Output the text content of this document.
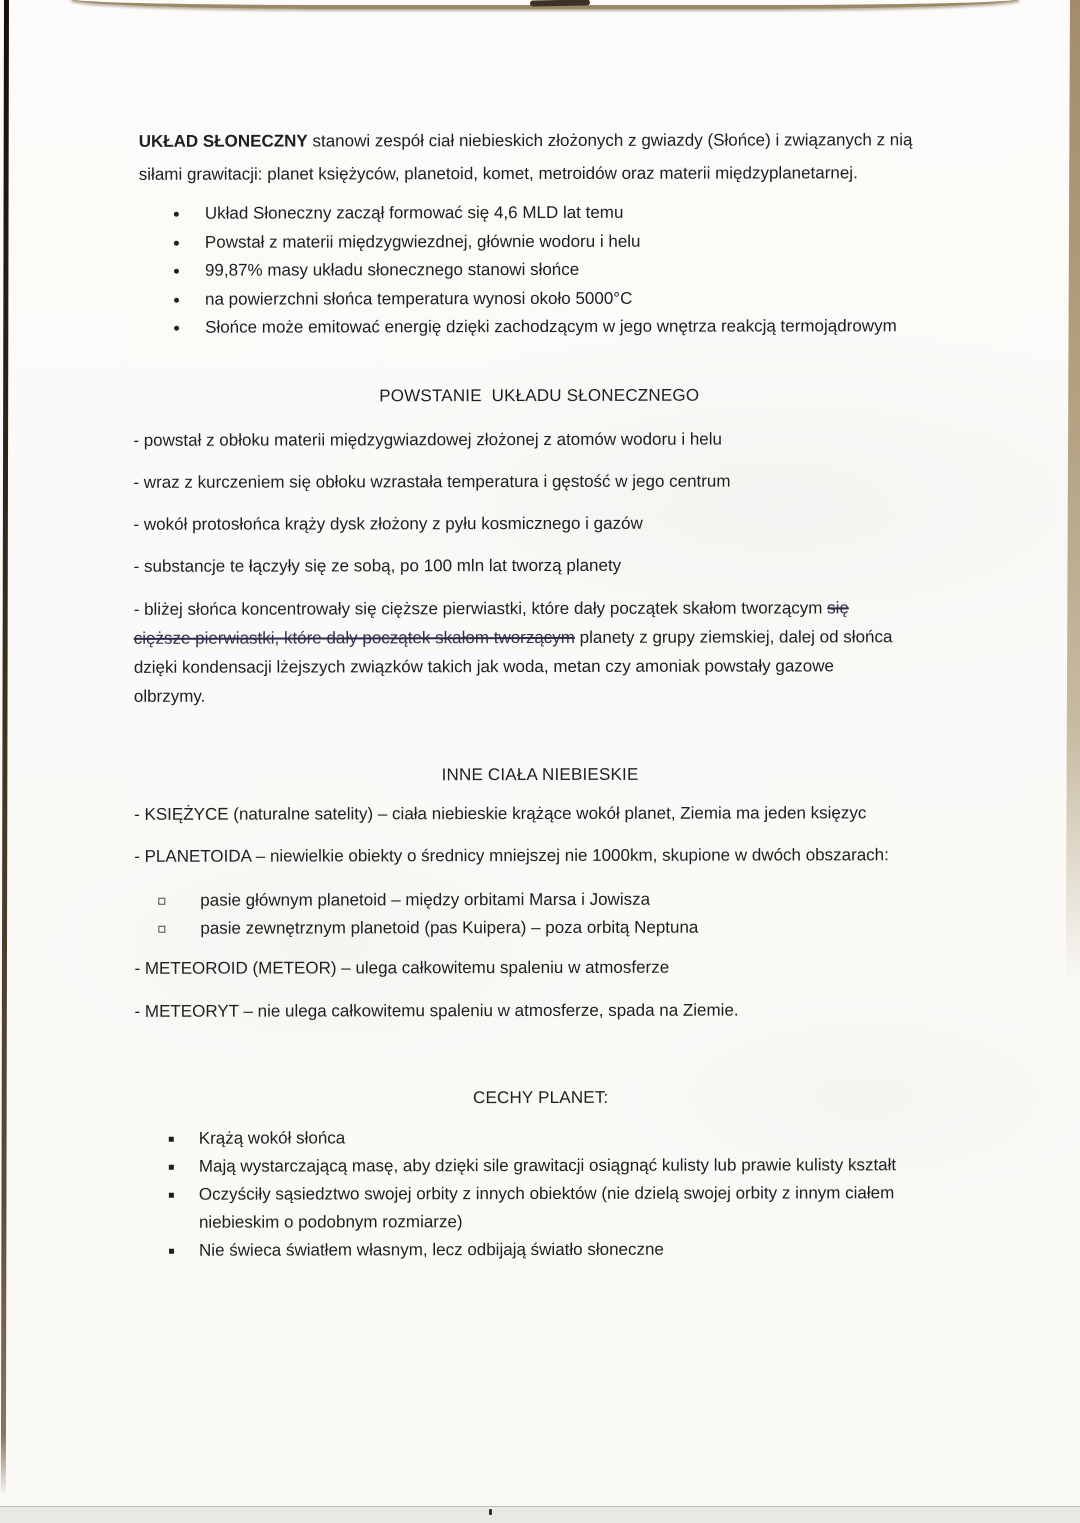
UKŁAD SŁONECZNY stanowi zespół ciał niebieskich złożonych z gwiazdy (Słońce) i związanych z nią
siłami grawitacji: planet księżyców, planetoid, komet, metroidów oraz materii międzyplanetarnej.
Układ Słoneczny zaczął formować się 4,6 MLD lat temu
Powstał z materii międzygwiezdnej, głównie wodoru i helu
99,87% masy układu słonecznego stanowi słońce
na powierzchni słońca temperatura wynosi około 5000°C
Słońce może emitować energię dzięki zachodzącym w jego wnętrza reakcją termojądrowym
POWSTANIE  UKŁADU SŁONECZNEGO
- powstał z obłoku materii międzygwiazdowej złożonej z atomów wodoru i helu
- wraz z kurczeniem się obłoku wzrastała temperatura i gęstość w jego centrum
- wokół protosłońca krąży dysk złożony z pyłu kosmicznego i gazów
- substancje te łączyły się ze sobą, po 100 mln lat tworzą planety
- bliżej słońca koncentrowały się cięższe pierwiastki, które dały początek skałom tworzącym się
cięższe pierwiastki, które dały początek skałom tworzącym planety z grupy ziemskiej, dalej od słońca
dzięki kondensacji lżejszych związków takich jak woda, metan czy amoniak powstały gazowe
olbrzymy.
INNE CIAŁA NIEBIESKIE
- KSIĘŻYCE (naturalne satelity) – ciała niebieskie krążące wokół planet, Ziemia ma jeden księzyc
- PLANETOIDA – niewielkie obiekty o średnicy mniejszej nie 1000km, skupione w dwóch obszarach:
pasie głównym planetoid – między orbitami Marsa i Jowisza
pasie zewnętrznym planetoid (pas Kuipera) – poza orbitą Neptuna
- METEOROID (METEOR) – ulega całkowitemu spaleniu w atmosferze
- METEORYT – nie ulega całkowitemu spaleniu w atmosferze, spada na Ziemie.
CECHY PLANET:
Krążą wokół słońca
Mają wystarczającą masę, aby dzięki sile grawitacji osiągnąć kulisty lub prawie kulisty kształt
Oczyściły sąsiedztwo swojej orbity z innych obiektów (nie dzielą swojej orbity z innym ciałem niebieskim o podobnym rozmiarze)
Nie świeca światłem własnym, lecz odbijają światło słoneczne
